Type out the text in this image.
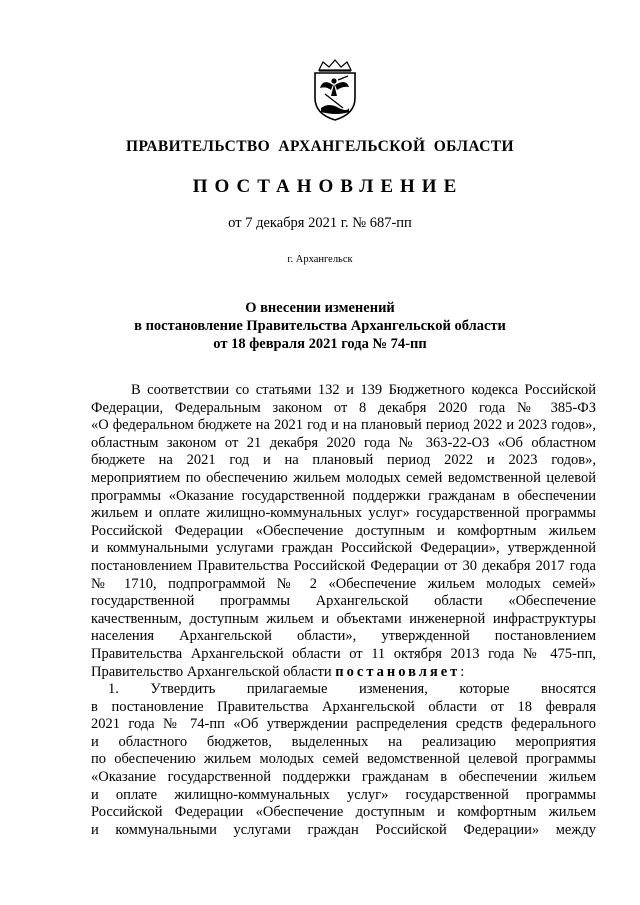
ПРАВИТЕЛЬСТВО АРХАНГЕЛЬСКОЙ ОБЛАСТИ
ПОСТАНОВЛЕНИЕ
от 7 декабря 2021 г. № 687-пп
г. Архангельск
О внесении изменений
в постановление Правительства Архангельской области
от 18 февраля 2021 года № 74-пп
В соответствии со статьями 132 и 139 Бюджетного кодекса Российской
Федерации, Федеральным законом от 8 декабря 2020 года № 385-ФЗ
«О федеральном бюджете на 2021 год и на плановый период 2022 и 2023 годов»,
областным законом от 21 декабря 2020 года № 363-22-ОЗ «Об областном
бюджете на 2021 год и на плановый период 2022 и 2023 годов»,
мероприятием по обеспечению жильем молодых семей ведомственной целевой
программы «Оказание государственной поддержки гражданам в обеспечении
жильем и оплате жилищно-коммунальных услуг» государственной программы
Российской Федерации «Обеспечение доступным и комфортным жильем
и коммунальными услугами граждан Российской Федерации», утвержденной
постановлением Правительства Российской Федерации от 30 декабря 2017 года
№ 1710, подпрограммой № 2 «Обеспечение жильем молодых семей»
государственной программы Архангельской области «Обеспечение
качественным, доступным жильем и объектами инженерной инфраструктуры
населения Архангельской области», утвержденной постановлением
Правительства Архангельской области от 11 октября 2013 года № 475-пп,
Правительство Архангельской области постановляет:
1. Утвердить прилагаемые изменения, которые вносятся
в постановление Правительства Архангельской области от 18 февраля
2021 года № 74-пп «Об утверждении распределения средств федерального
и областного бюджетов, выделенных на реализацию мероприятия
по обеспечению жильем молодых семей ведомственной целевой программы
«Оказание государственной поддержки гражданам в обеспечении жильем
и оплате жилищно-коммунальных услуг» государственной программы
Российской Федерации «Обеспечение доступным и комфортным жильем
и коммунальными услугами граждан Российской Федерации» между
